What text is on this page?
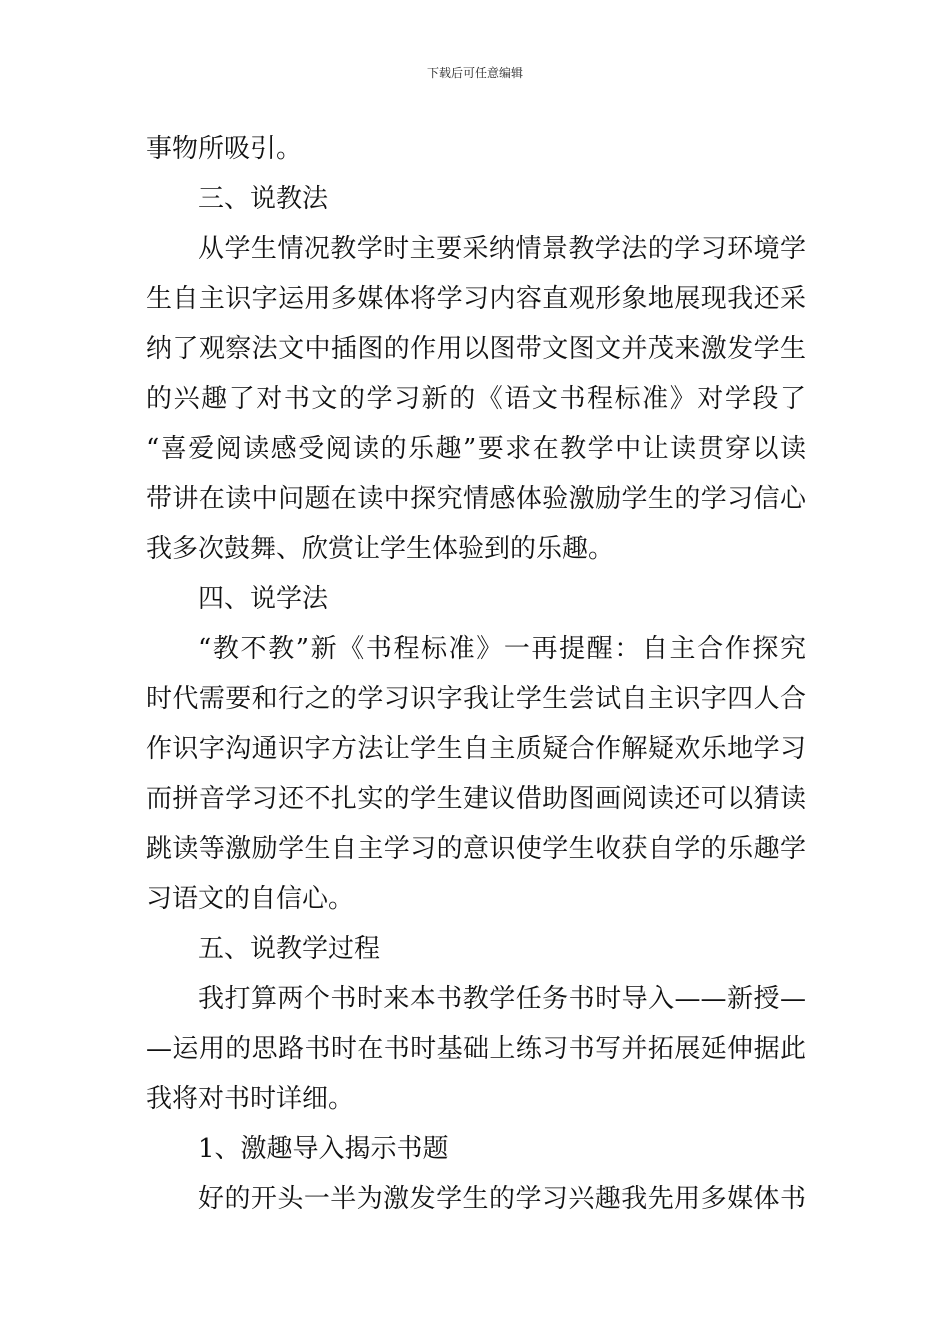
下载后可任意编辑
事物所吸引。
三、说教法
从学生情况教学时主要采纳情景教学法的学习环境学
生自主识字运用多媒体将学习内容直观形象地展现我还采
纳了观察法文中插图的作用以图带文图文并茂来激发学生
的兴趣了对书文的学习新的《语文书程标准》对学段了
“喜爱阅读感受阅读的乐趣”要求在教学中让读贯穿以读
带讲在读中问题在读中探究情感体验激励学生的学习信心
我多次鼓舞、欣赏让学生体验到的乐趣。
四、说学法
“教不教”新《书程标准》一再提醒：自主合作探究
时代需要和行之的学习识字我让学生尝试自主识字四人合
作识字沟通识字方法让学生自主质疑合作解疑欢乐地学习
而拼音学习还不扎实的学生建议借助图画阅读还可以猜读
跳读等激励学生自主学习的意识使学生收获自学的乐趣学
习语文的自信心。
五、说教学过程
我打算两个书时来本书教学任务书时导入——新授—
—运用的思路书时在书时基础上练习书写并拓展延伸据此
我将对书时详细。
1、激趣导入揭示书题
好的开头一半为激发学生的学习兴趣我先用多媒体书
